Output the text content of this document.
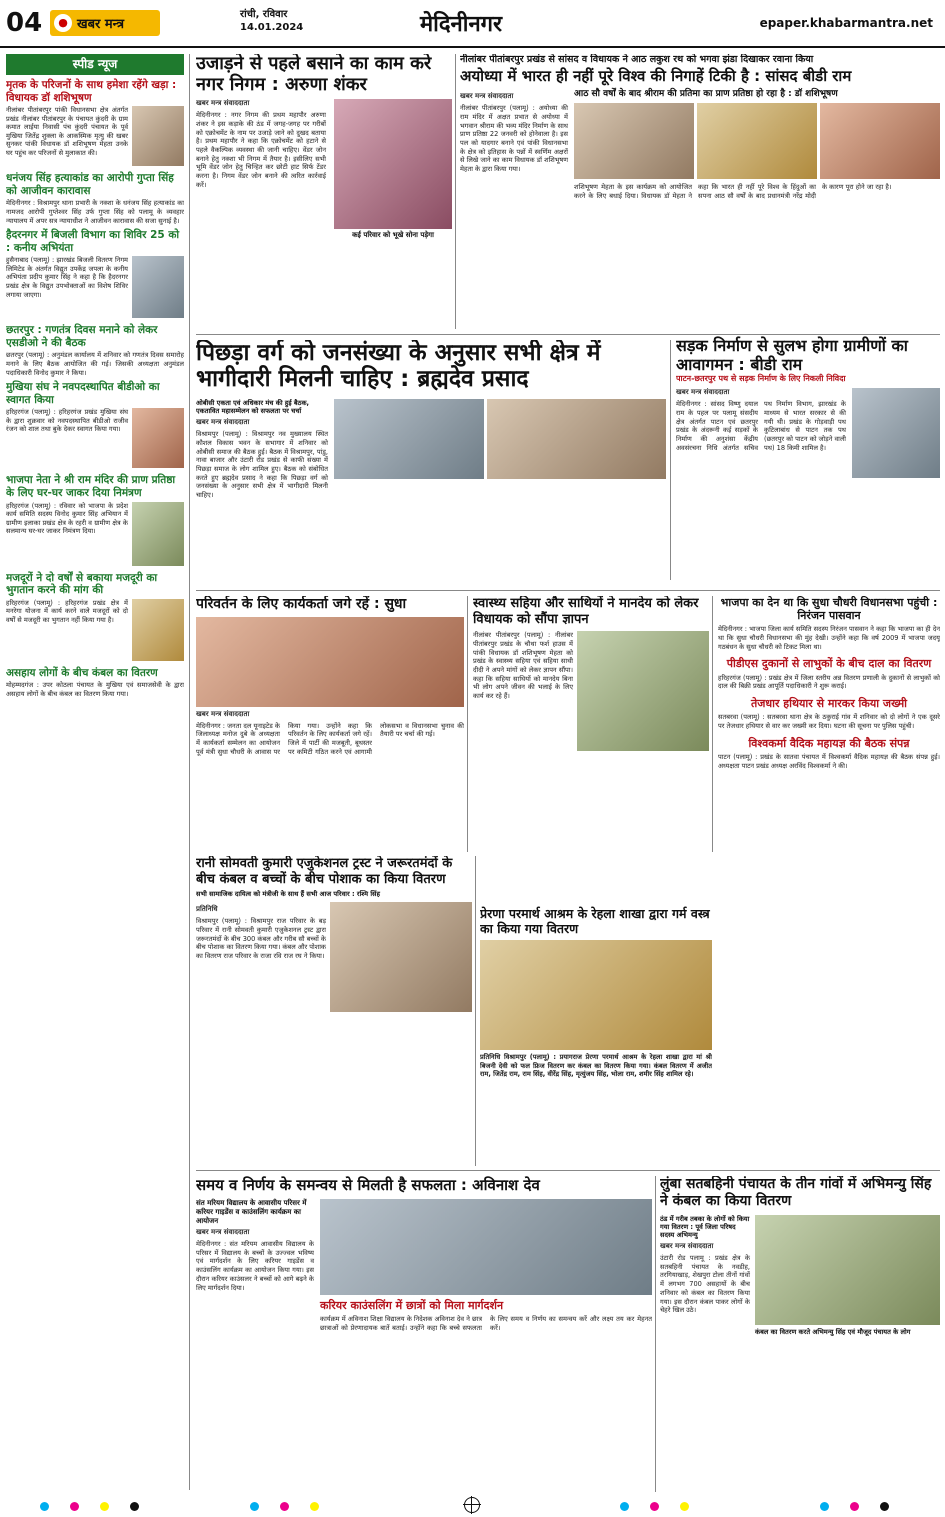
04	● खबर मन्त्र
रांची, रविवार
14.01.2024	मेदिनीनगर	epaper.khabarmantra.net
स्पीड न्यूज
मृतक के परिजनों के साथ हमेशा रहेंगे खड़ा : विधायक डॉ शशिभूषण
नीलांबर पीतांबरपुर पांकी विधानसभा क्षेत्र अंतर्गत प्रखंड नीलांबर पीतांबरपुर के पंचायत कुंदरी के ग्राम कमात लाईया निवासी पंच कुंदरी पंचायत के पूर्व मुखिया जितेंद्र शुक्ला के आकस्मिक मृत्यु की खबर सुनकर पांकी विधायक डॉ शशिभूषण मेहता उनके घर पहुंच कर परिजनों से मुलाकात की।
धनंजय सिंह हत्याकांड का आरोपी गुप्ता सिंह को आजीवन कारावास
मेदिनीनगर : विश्रामपुर थाना प्रभारी के नक्शा के धनंजय सिंह हत्याकांड का नामजद आरोपी गुप्तेश्वर सिंह उर्फ गुप्ता सिंह को पलामू के व्यवहार न्यायालय में अपर सत्र न्यायाधीश ने आजीवन कारावास की सजा सुनाई है।
हैदरनगर में बिजली विभाग का शिविर 25 को : कनीय अभियंता
हुसैनाबाद (पलामू) : झारखंड बिजली वितरण निगम लिमिटेड के अंतर्गत विद्युत उपकेंद्र जपला के कनीय अभियंता प्रदीप कुमार सिंह ने कहा है कि हैदरनगर प्रखंड क्षेत्र के विद्युत उपभोक्ताओं का विशेष शिविर लगाया जाएगा।
छतरपुर : गणतंत्र दिवस मनाने को लेकर एसडीओ ने की बैठक
छतरपुर (पलामू) : अनुमंडल कार्यालय में शनिवार को गणतंत्र दिवस समारोह मनाने के लिए बैठक आयोजित की गई। जिसकी अध्यक्षता अनुमंडल पदाधिकारी विनोद कुमार ने किया।
मुखिया संघ ने नवपदस्थापित बीडीओ का स्वागत किया
हरिहरगंज (पलामू) : हरिहरगंज प्रखंड मुखिया संघ के द्वारा शुक्रवार को नवपदस्थापित बीडीओ राजीव रंजन को शाल तथा बुके देकर स्वागत किया गया।
भाजपा नेता ने श्री राम मंदिर की प्राण प्रतिष्ठा के लिए घर-घर जाकर दिया निमंत्रण
हरिहरगंज (पलामू) : रविवार को भाजपा के प्रदेश कार्य समिति सदस्य विनोद कुमार सिंह अभियान में ग्रामीण इलाका प्रखंड क्षेत्र के रहरी व ग्रामीण क्षेत्र के सलमान्य घर-घर जाकर निमंत्रण दिया।
मजदूरों ने दो वर्षों से बकाया मजदूरी का भुगतान करने की मांग की
हरिहरगंज (पलामू) : हरिहरगंज प्रखंड क्षेत्र में मनरेगा योजना में कार्य करने वाले मजदूरों को दो वर्षों से मजदूरी का भुगतान नहीं किया गया है।
असहाय लोगों के बीच कंबल का वितरण
मोहम्मदगंज : उपर कोठला पंचायत के मुखिया एवं समाजसेवी के द्वारा असहाय लोगों के बीच कंबल का वितरण किया गया।
उजाड़ने से पहले बसाने का काम करे नगर निगम : अरुणा शंकर
कई परिवार को भूखे सोना पड़ेगा
खबर मन्त्र संवाददाता
मेदिनीनगर : नगर निगम की प्रथम महापौर अरुणा शंकर ने इस कड़ाके की ठंड में जगह-जगह पर गरीबों को एक्रोचमेंट के नाम पर उजाड़े जाने को दुखद बताया है। प्रथम महापौर ने कहा कि एक्रोचमेंट को हटाने से पहले वैकल्पिक व्यवस्था की जानी चाहिए। वेंडर जोन बनाने हेतु नक्शा भी निगम में तैयार है। इसीलिए सभी भूमि वेंडर जोन हेतु चिन्हित कर छोटी हाट सिर्फ टेंडर करना है। निगम वेंडर जोन बनाने की त्वरित कार्रवाई करें।
नीलांबर पीतांबरपुर प्रखंड से सांसद व विधायक ने आठ लकुश रथ को भगवा झंडा दिखाकर रवाना किया
अयोध्या में भारत ही नहीं पूरे विश्व की निगाहें टिकी है : सांसद बीडी राम
खबर मन्त्र संवाददाता
नीलांबर पीतांबरपुर (पलामू) : अयोध्या की राम मंदिर में अक्षत प्रभात से अयोध्या में भगवान श्रीराम की भव्य मंदिर निर्माण के साथ प्राण प्रतिष्ठा 22 जनवरी को होनेवाला है। इस पल को यादगार बनाने एवं पांकी विधानसभा के क्षेत्र को इतिहास के पन्नों में स्वर्णिम अक्षरों से लिखे जाने का काम विधायक डॉ शशिभूषण मेहता के द्वारा किया गया।
आठ सौ वर्षों के बाद श्रीराम की प्रतिमा का प्राण प्रतिष्ठा हो रहा है : डॉ शशिभूषण
शशिभूषण मेहता के इस कार्यक्रम को आयोजित करने के लिए बधाई दिया। विधायक डॉ मेहता ने कहा कि भारत ही नहीं पूरे विश्व के हिंदुओं का सपना आठ सौ वर्षों के बाद प्रधानमंत्री नरेंद्र मोदी के कारण पूरा होने जा रहा है।
पिछड़ा वर्ग को जनसंख्या के अनुसार सभी क्षेत्र में भागीदारी मिलनी चाहिए : ब्रह्मदेव प्रसाद
ओबीसी एकता एवं अधिकार मंच की हुई बैठक, एकतावित महासम्मेलन को सफलता पर चर्चा
खबर मन्त्र संवाददाता
विश्रामपुर (पलामू) : विश्रामपुर नव मुख्यालय स्थित कौशल विकास भवन के सभागार में शनिवार को ओबीसी समाज की बैठक हुई। बैठक में विश्रामपुर, पांडु, नावा बाजार और उंटारी रोड प्रखंड से काफी संख्या में पिछड़ा समाज के लोग शामिल हुए। बैठक को संबोधित करते हुए ब्रह्मदेव प्रसाद ने कहा कि पिछड़ा वर्ग को जनसंख्या के अनुसार सभी क्षेत्र में भागीदारी मिलनी चाहिए।
सड़क निर्माण से सुलभ होगा ग्रामीणों का आवागमन : बीडी राम
पाटन-छतरपुर पथ से सड़क निर्माण के लिए निकली निविदा
खबर मन्त्र संवाददाता
मेदिनीनगर : सांसद विष्णु दयाल राम के पहल पर पलामू संसदीय क्षेत्र अंतर्गत पाटन एवं छतरपुर प्रखंड के अंदरूनी कई सड़कों के निर्माण की अनुशंसा केंद्रीय अवसंरचना निधि अंतर्गत सचिव पथ निर्माण विभाग, झारखंड के माध्यम से भारत सरकार से की गयी थी। प्रखंड के गोड़वाड़ी पथ कुटिलाबांध से पाटन तक पथ (छतरपुर को पाटन को जोड़ने वाली पथ) 18 किमी शामिल है।
परिवर्तन के लिए कार्यकर्ता जगे रहें : सुधा
खबर मन्त्र संवाददाता
मेदिनीनगर : जनता दल यूनाइटेड के जिलाध्यक्ष मनोज दुबे के अध्यक्षता में कार्यकर्ता सम्मेलन का आयोजन पूर्व मंत्री सुधा चौधरी के आवास पर किया गया। उन्होंने कहा कि परिवर्तन के लिए कार्यकर्ता जगे रहें। जिले में पार्टी की मजबूती, बूथस्तर पर कमिटी गठित करने एवं आगामी लोकसभा व विधानसभा चुनाव की तैयारी पर चर्चा की गई।
स्वास्थ्य सहिया और साथियों ने मानदेय को लेकर विधायक को सौंपा ज्ञापन
नीलांबर पीतांबरपुर (पलामू) : नीलांबर पीतांबरपुर प्रखंड के चौथा फर्श हाउस में पांकी विधायक डॉ शशिभूषण मेहता को प्रखंड के स्वास्थ्य सहिया एवं सहिया साथी दीदी ने अपने मांगों को लेकर ज्ञापन सौंपा। कहा कि सहिया साथियों को मानदेय बिना भी लोग अपने जीवन की भलाई के लिए कार्य कर रहे हैं।
भाजपा का देन था कि सुधा चौधरी विधानसभा पहुंची : निरंजन पासवान
मेदिनीनगर : भाजपा जिला कार्य समिति सदस्य निरंजन पासवान ने कहा कि भाजपा का ही देन था कि सुधा चौधरी विधानसभा की मुंह देखी। उन्होंने कहा कि वर्ष 2009 में भाजपा जदयू गठबंधन के सुधा चौधरी को टिकट मिला था।
पीडीएस दुकानों से लाभुकों के बीच दाल का वितरण
हरिहरगंज (पलामू) : प्रखंड क्षेत्र में जिला स्तरीय अन्न वितरण प्रणाली के दुकानों से लाभुकों को दाल की बिक्री प्रखंड आपूर्ति पदाधिकारी ने शुरू कराई।
तेजधार हथियार से मारकर किया जख्मी
सतबरवा (पलामू) : सतबरवा थाना क्षेत्र के ठकुराई गांव में शनिवार को दो लोगों ने एक दूसरे पर तेजधार हथियार से वार कर जख्मी कर दिया। घटना की सूचना पर पुलिस पहुंची।
विश्वकर्मा वैदिक महायज्ञ की बैठक संपन्न
पाटन (पलामू) : प्रखंड के सातवा पंचायत में विश्वकर्मा वैदिक महायज्ञ की बैठक संपन्न हुई। अध्यक्षता पाटन प्रखंड अध्यक्ष अरविंद विश्वकर्मा ने की।
रानी सोमवती कुमारी एजुकेशनल ट्रस्ट ने जरूरतमंदों के बीच कंबल व बच्चों के बीच पोशाक का किया वितरण
सभी सामाजिक दायित्व को मंत्रीजी के साथ हैं सभी आज परिवार : रश्मि सिंह
प्रतिनिधि
विश्रामपुर (पलामू) : विश्रामपुर राज परिवार के बड़ परिवार में रानी सोमवती कुमारी एजुकेशनल ट्रस्ट द्वारा जरूरतमंदों के बीच 300 कंबल और गरीब सौ बच्चों के बीच पोशाक का वितरण किया गया। कंबल और पोशाक का वितरण राज परिवार के राजा रवि राज रघ ने किया।
प्रेरणा परमार्थ आश्रम के रेहला शाखा द्वारा गर्म वस्त्र का किया गया वितरण
प्रतिनिधि विश्रामपुर (पलामू) : प्रयागराज प्रेरणा परमार्थ आश्रम के रेहला शाखा द्वारा मां श्री बिजनी देवी को फल फ्रिज वितरण कर कंबल का वितरण किया गया। कंबल वितरण में अजीत राम, जितेंद्र राम, राम सिंह, वीरेंद्र सिंह, मृत्युंजय सिंह, भोला राम, शमीर सिंह शामिल रहे।
समय व निर्णय के समन्वय से मिलती है सफलता : अविनाश देव
संत मरियम विद्यालय के आवासीय परिसर में करियर गाइडेंस व काउंसलिंग कार्यक्रम का आयोजन
खबर मन्त्र संवाददाता
मेदिनीनगर : संत मरियम आवासीय विद्यालय के परिसर में विद्यालय के बच्चों के उज्ज्वल भविष्य एवं मार्गदर्शन के लिए करियर गाइडेंस व काउंसलिंग कार्यक्रम का आयोजन किया गया। इस दौरान करियर काउंसलर ने बच्चों को आगे बढ़ने के लिए मार्गदर्शन दिया।
करियर काउंसलिंग में छात्रों को मिला मार्गदर्शन
कार्यक्रम में अविनाश शिक्षा विद्यालय के निदेशक अविनाश देव ने छात्र छात्राओं को प्रेरणादायक बातें बताई। उन्होंने कहा कि बच्चे सफलता के लिए समय व निर्णय का समन्वय करें और लक्ष्य तय कर मेहनत करें।
लुंबा सतबहिनी पंचायत के तीन गांवों में अभिमन्यु सिंह ने कंबल का किया वितरण
ठंड में गरीब तबका के लोगों को किया गया वितरण : पूर्व जिला परिषद सदस्य अभिमन्यु
खबर मन्त्र संवाददाता
उंटारी रोड पलामू : प्रखंड क्षेत्र के सतबहिनी पंचायत के नवडीह, तरगियाखाड़, शेखपुरा टोला तीनों गांवों में लगभग 700 असहायों के बीच शनिवार को कंबल का वितरण किया गया। इस दौरान कंबल पाकर लोगों के चेहरे खिल उठे।
कंबल का वितरण करते अभिमन्यु सिंह एवं मौजूद पंचायत के लोग
